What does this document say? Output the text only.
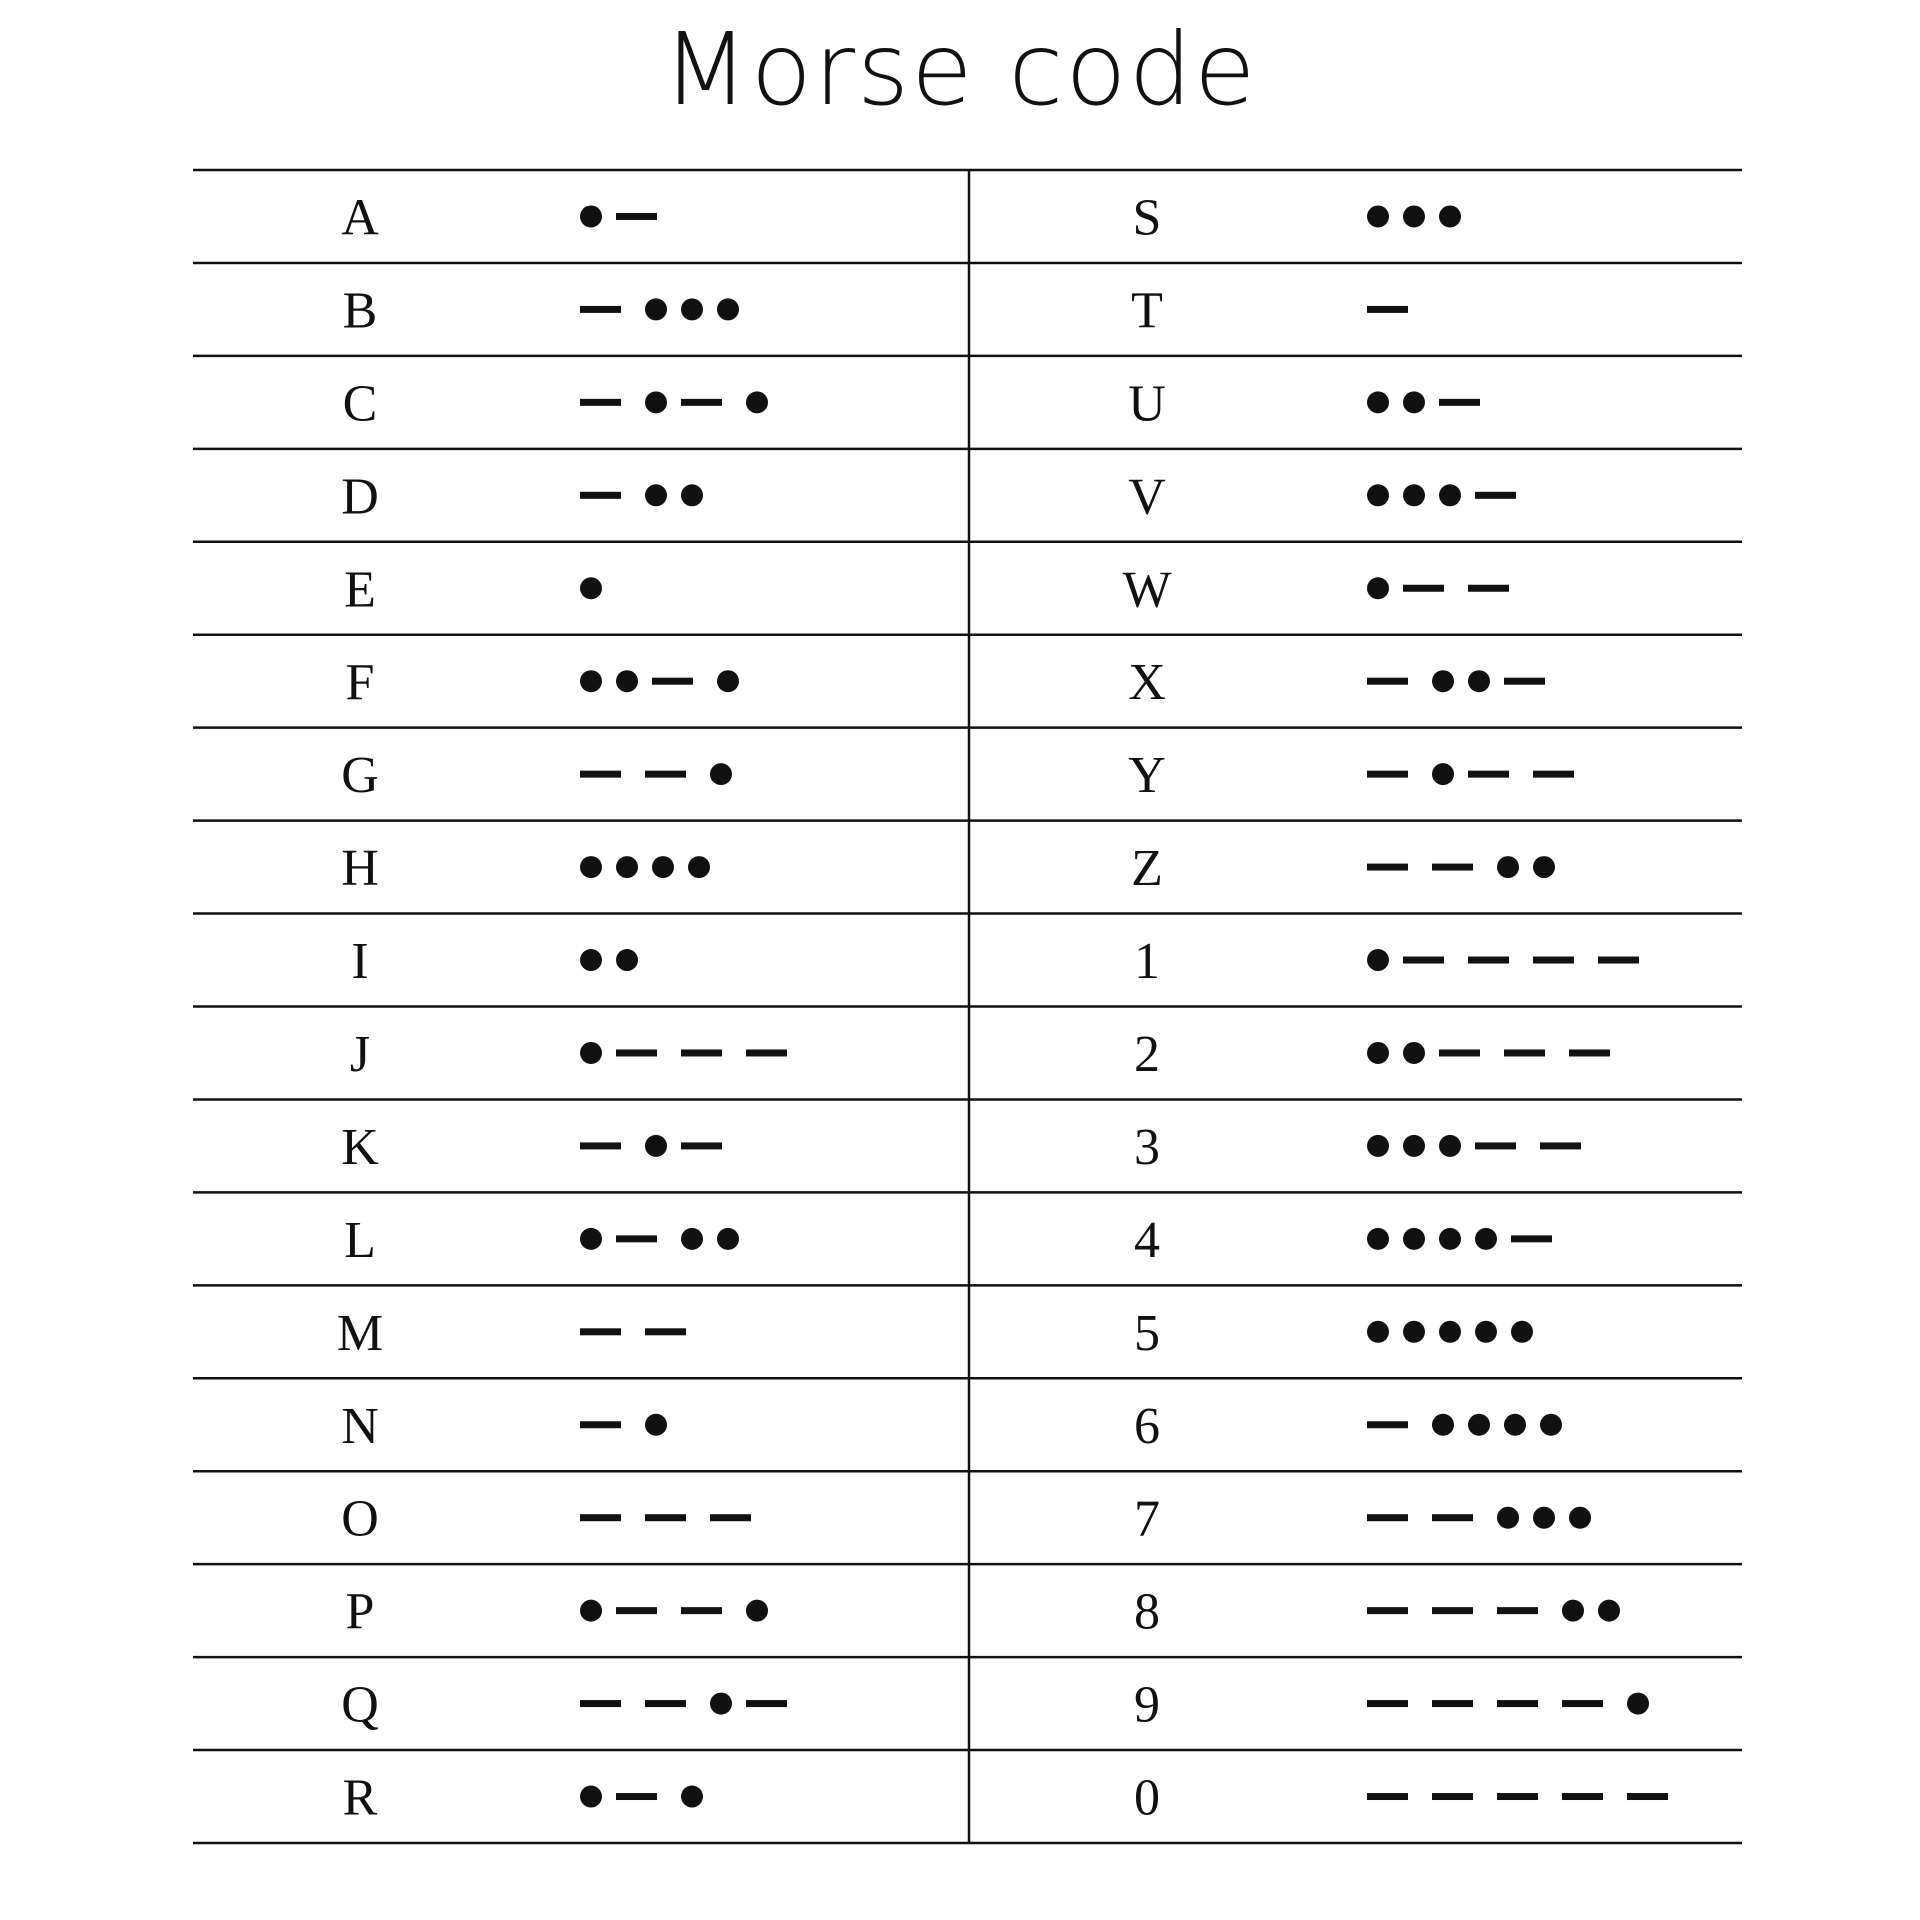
Morse code
A
B
C
D
E
F
G
H
I
J
K
L
M
N
O
P
Q
R
S
T
U
V
W
X
Y
Z
1
2
3
4
5
6
7
8
9
0
